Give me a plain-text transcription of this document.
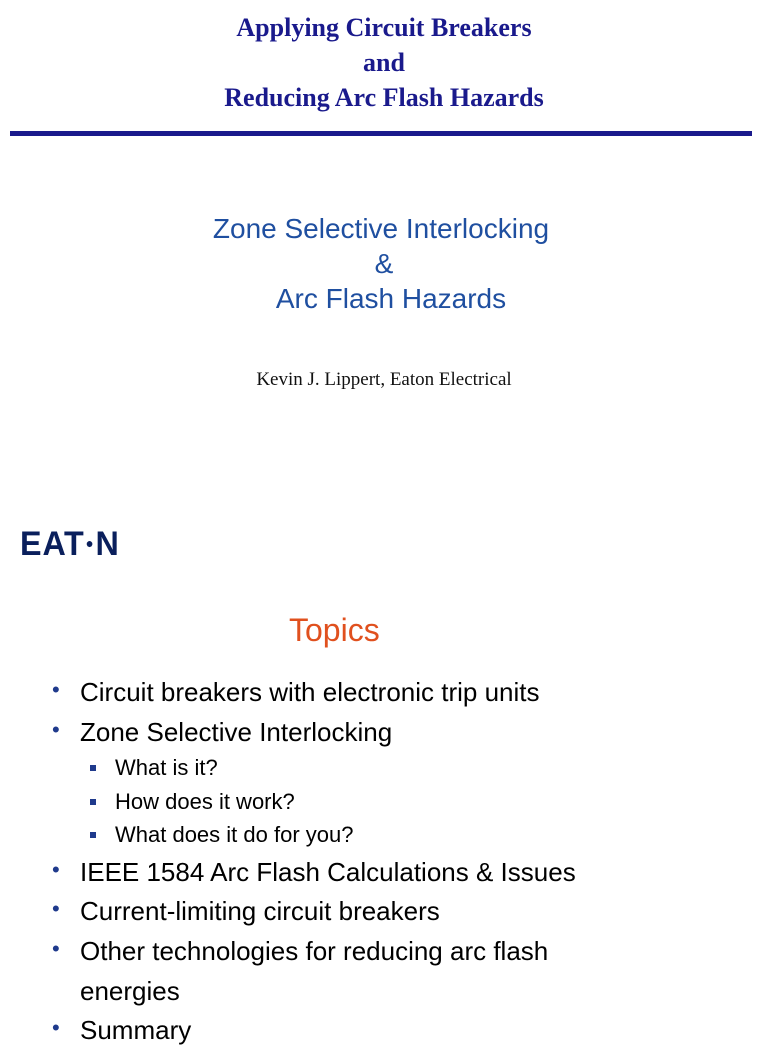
Applying Circuit Breakers
and
Reducing Arc Flash Hazards
Zone Selective Interlocking
&
Arc Flash Hazards
Kevin J. Lippert, Eaton Electrical
EAT●N
Topics
• Circuit breakers with electronic trip units
• Zone Selective Interlocking
What is it?
How does it work?
What does it do for you?
• IEEE 1584 Arc Flash Calculations & Issues
• Current-limiting circuit breakers
• Other technologies for reducing arc flash
energies
• Summary
